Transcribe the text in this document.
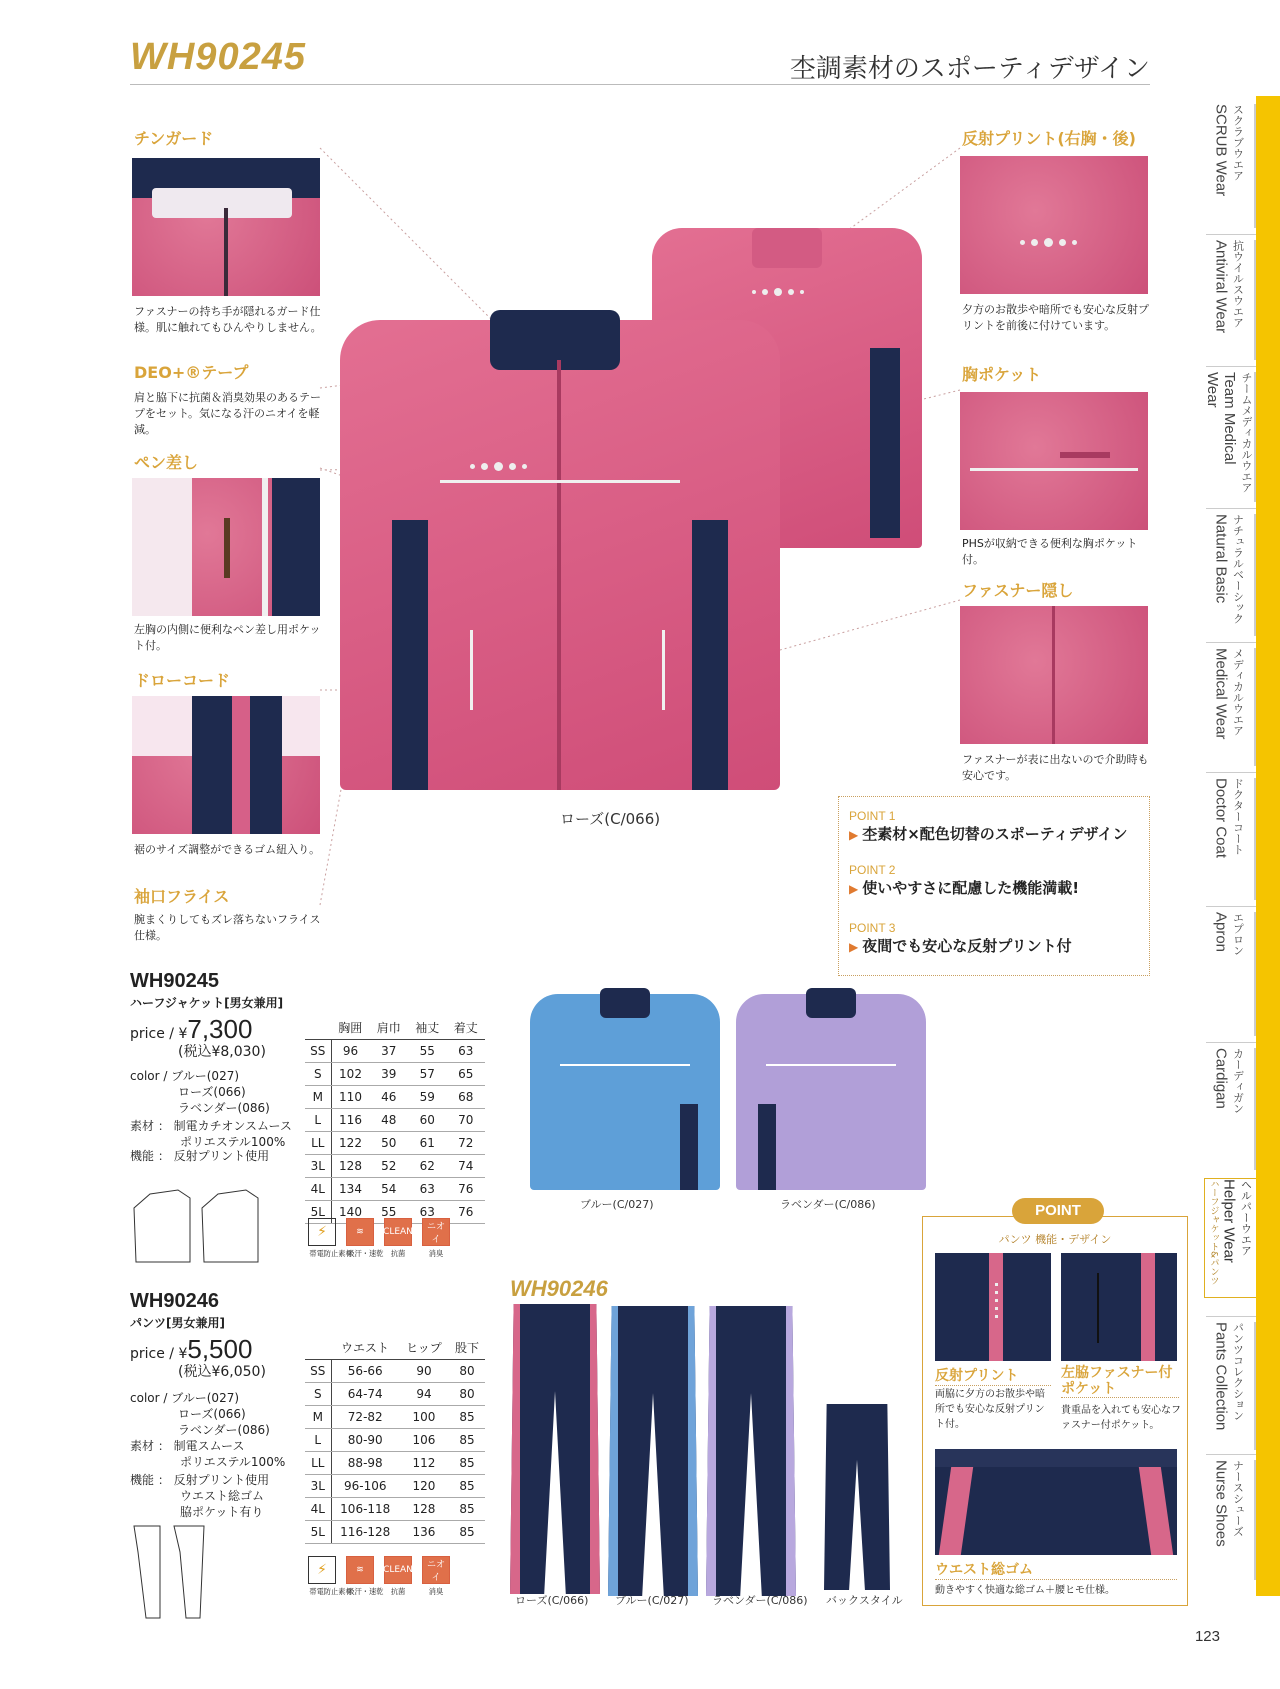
WH90245	杢調素材のスポーティデザイン
SCRUB Wear スクラブウエア
Antiviral Wear 抗ウイルスウエア
Team Medical Wear	チームメディカルウエア
Natural Basic ナチュラルベーシック
Medical Wear メディカルウエア
Doctor Coat ドクターコート
Apron エプロン
Cardigan カーディガン
ハーフジャケット&パンツ Helper Wear ヘルパーウエア
Pants Collection パンツコレクション
Nurse Shoes ナースシューズ
123
チンガード
ファスナーの持ち手が隠れるガード仕様。肌に触れてもひんやりしません。
DEO+®テープ
肩と脇下に抗菌＆消臭効果のあるテープをセット。気になる汗のニオイを軽減。
ペン差し
左胸の内側に便利なペン差し用ポケット付。
ドローコード
裾のサイズ調整ができるゴム紐入り。
袖口フライス
腕まくりしてもズレ落ちないフライス仕様。
ローズ(C/066)
反射プリント(右胸・後)
夕方のお散歩や暗所でも安心な反射プリントを前後に付けています。
胸ポケット
PHSが収納できる便利な胸ポケット付。
ファスナー隠し
ファスナーが表に出ないので介助時も安心です。
POINT 1
▶ 杢素材×配色切替のスポーティデザイン
POINT 2
▶ 使いやすさに配慮した機能満載!
POINT 3
▶ 夜間でも安心な反射プリント付
WH90245
ハーフジャケット[男女兼用]
price / ¥7,300
(税込¥8,030)
color / ブルー(027)
ローズ(066)
ラベンダー(086)
素材 ： 制電カチオンスムース
ポリエステル100%
機能 ： 反射プリント使用
	胸囲	肩巾	袖丈	着丈
SS	96	37	55	63
S	102	39	57	65
M	110	46	59	68
L	116	48	60	70
LL	122	50	61	72
3L	128	52	62	74
4L	134	54	63	76
5L	140	55	63	76
⚡
帯電防止素材
≋
吸汗・速乾
CLEAN
抗菌
ニオイ
消臭
ブルー(C/027)	ラベンダー(C/086)
WH90246
パンツ[男女兼用]
price / ¥5,500
(税込¥6,050)
color / ブルー(027)
ローズ(066)
ラベンダー(086)
素材 ： 制電スムース
ポリエステル100%
機能 ： 反射プリント使用
ウエスト総ゴム
脇ポケット有り
	ウエスト	ヒップ	股下
SS	56-66	90	80
S	64-74	94	80
M	72-82	100	85
L	80-90	106	85
LL	88-98	112	85
3L	96-106	120	85
4L	106-118	128	85
5L	116-128	136	85
⚡
帯電防止素材
≋
吸汗・速乾
CLEAN
抗菌
ニオイ
消臭
WH90246
ローズ(C/066) ブルー(C/027) ラベンダー(C/086) バックスタイル
パンツ 機能・デザイン
反射プリント
両脇に夕方のお散歩や暗所でも安心な反射プリント付。
左脇ファスナー付ポケット
貴重品を入れても安心なファスナー付ポケット。
ウエスト総ゴム
動きやすく快適な総ゴム＋腰ヒモ仕様。
POINT
